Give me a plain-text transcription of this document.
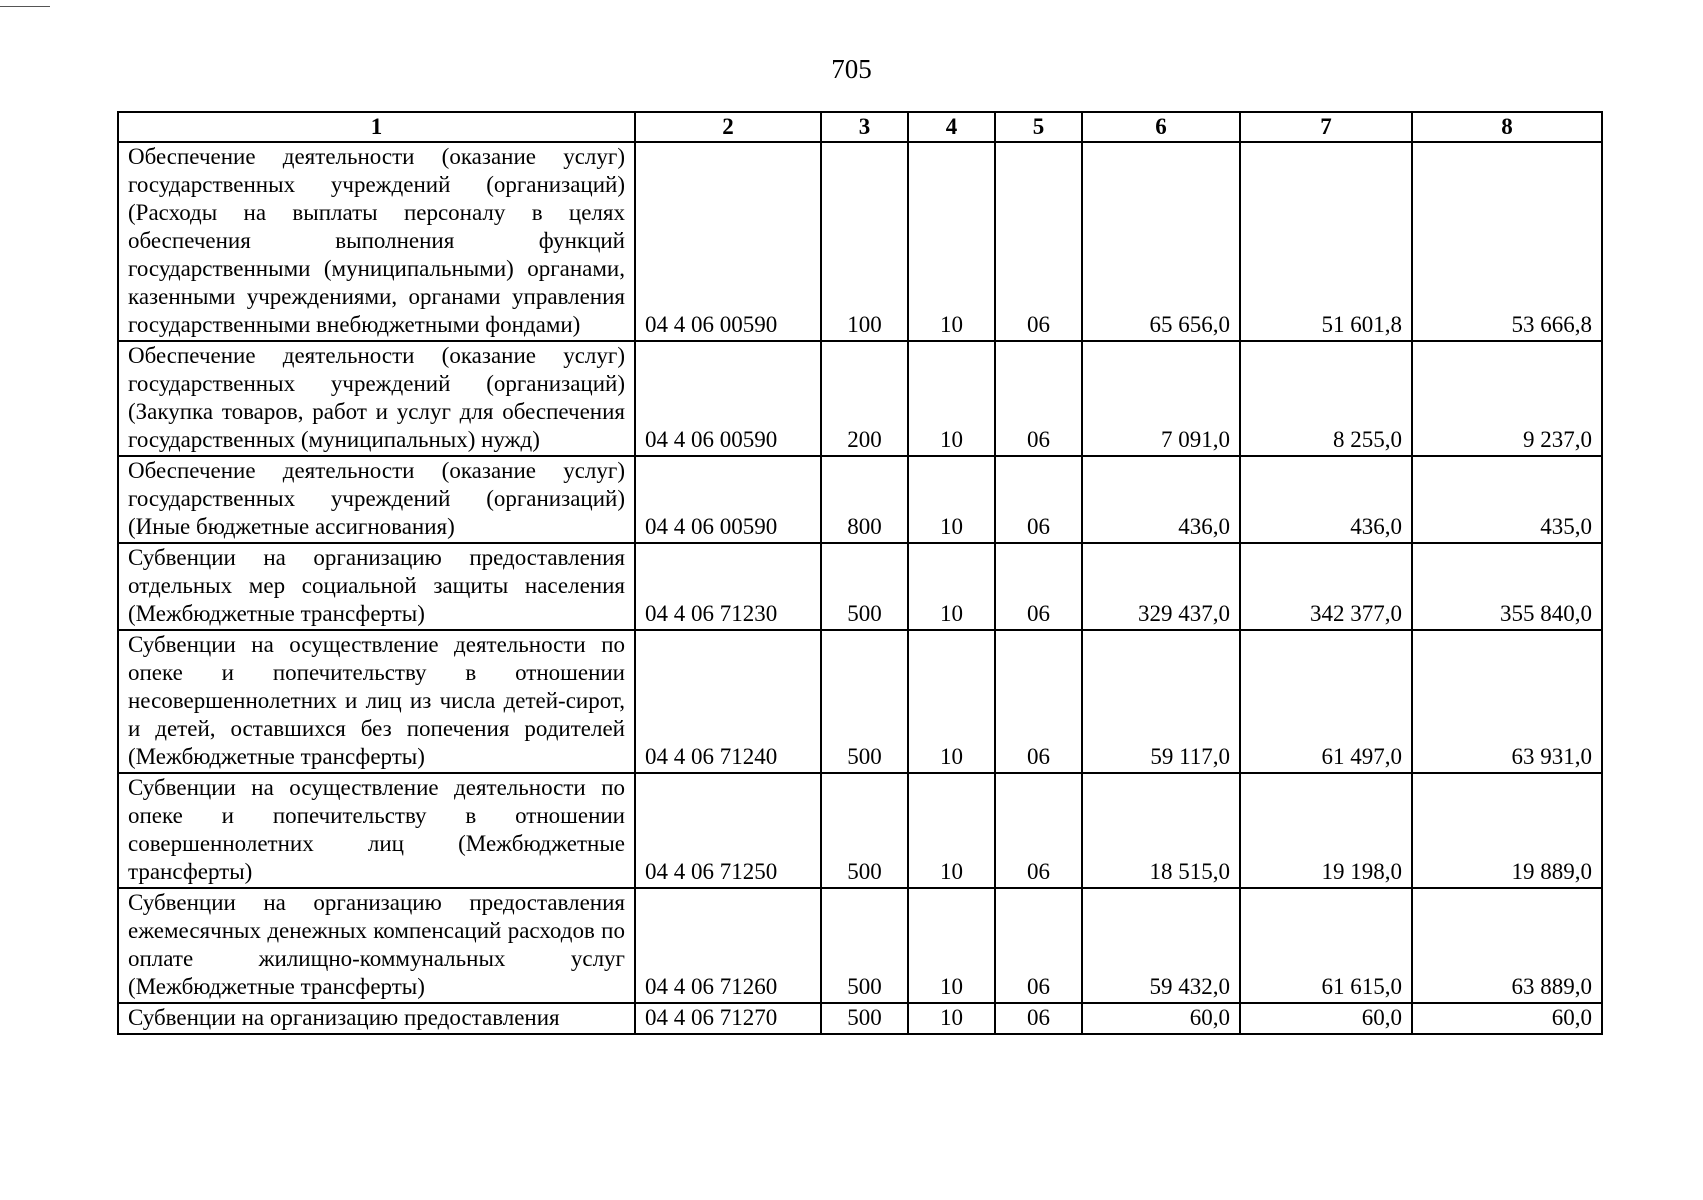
705
1	2	3	4	5	6	7	8
Обеспечение деятельности (оказание услуг) государственных учреждений (организаций) (Расходы на выплаты персоналу в целях обеспечения выполнения функций государственными (муниципальными) органами, казенными учреждениями, органами управления государственными внебюджетными фондами)	04 4 06 00590	100	10	06	65 656,0	51 601,8	53 666,8
Обеспечение деятельности (оказание услуг) государственных учреждений (организаций) (Закупка товаров, работ и услуг для обеспечения государственных (муниципальных) нужд)	04 4 06 00590	200	10	06	7 091,0	8 255,0	9 237,0
Обеспечение деятельности (оказание услуг) государственных учреждений (организаций) (Иные бюджетные ассигнования)	04 4 06 00590	800	10	06	436,0	436,0	435,0
Субвенции на организацию предоставления отдельных мер социальной защиты населения (Межбюджетные трансферты)	04 4 06 71230	500	10	06	329 437,0	342 377,0	355 840,0
Субвенции на осуществление деятельности по опеке и попечительству в отношении несовершеннолетних и лиц из числа детей-сирот, и детей, оставшихся без попечения родителей (Межбюджетные трансферты)	04 4 06 71240	500	10	06	59 117,0	61 497,0	63 931,0
Субвенции на осуществление деятельности по опеке и попечительству в отношении совершеннолетних лиц (Межбюджетные трансферты)	04 4 06 71250	500	10	06	18 515,0	19 198,0	19 889,0
Субвенции на организацию предоставления ежемесячных денежных компенсаций расходов по оплате жилищно-коммунальных услуг (Межбюджетные трансферты)	04 4 06 71260	500	10	06	59 432,0	61 615,0	63 889,0
Субвенции на организацию предоставления	04 4 06 71270	500	10	06	60,0	60,0	60,0
